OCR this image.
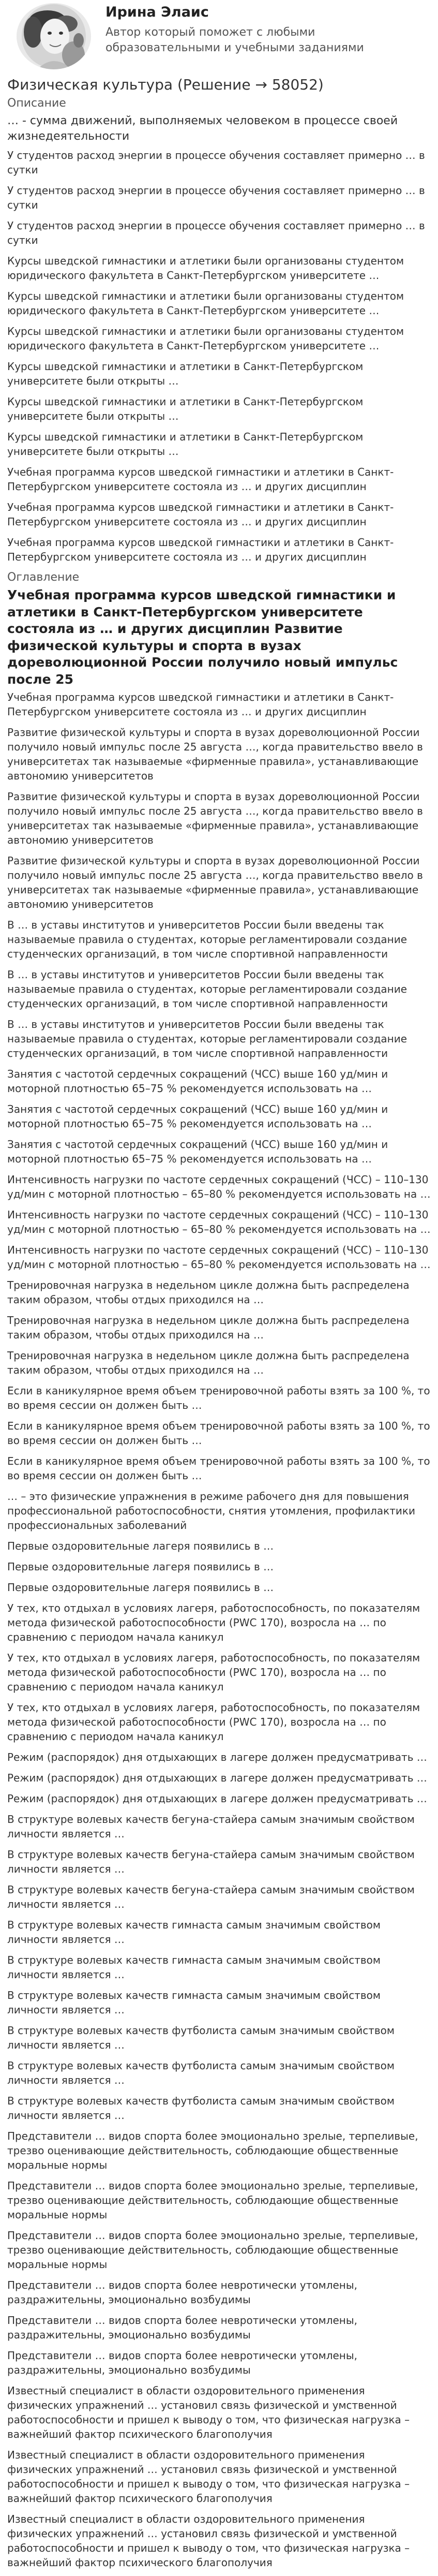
Ирина Элаис
Автор который поможет с любыми образовательными и учебными заданиями
Физическая культура (Решение → 58052)
Описание
… - сумма движений, выполняемых человеком в процессе своей жизнедеятельности
У студентов расход энергии в процессе обучения составляет примерно … в сутки
У студентов расход энергии в процессе обучения составляет примерно … в сутки
У студентов расход энергии в процессе обучения составляет примерно … в сутки
Курсы шведской гимнастики и атлетики были организованы студентом юридического факультета в Санкт-Петербургском университете …
Курсы шведской гимнастики и атлетики были организованы студентом юридического факультета в Санкт-Петербургском университете …
Курсы шведской гимнастики и атлетики были организованы студентом юридического факультета в Санкт-Петербургском университете …
Курсы шведской гимнастики и атлетики в Санкт-Петербургском университете были открыты …
Курсы шведской гимнастики и атлетики в Санкт-Петербургском университете были открыты …
Курсы шведской гимнастики и атлетики в Санкт-Петербургском университете были открыты …
Учебная программа курсов шведской гимнастики и атлетики в Санкт-Петербургском университете состояла из … и других дисциплин
Учебная программа курсов шведской гимнастики и атлетики в Санкт-Петербургском университете состояла из … и других дисциплин
Учебная программа курсов шведской гимнастики и атлетики в Санкт-Петербургском университете состояла из … и других дисциплин
Оглавление
Учебная программа курсов шведской гимнастики и атлетики в Санкт-Петербургском университете состояла из … и других дисциплин Развитие физической культуры и спорта в вузах дореволюционной России получило новый импульс после 25
Учебная программа курсов шведской гимнастики и атлетики в Санкт-Петербургском университете состояла из … и других дисциплин
Развитие физической культуры и спорта в вузах дореволюционной России получило новый импульс после 25 августа …, когда правительство ввело в университетах так называемые «фирменные правила», устанавливающие автономию университетов
Развитие физической культуры и спорта в вузах дореволюционной России получило новый импульс после 25 августа …, когда правительство ввело в университетах так называемые «фирменные правила», устанавливающие автономию университетов
Развитие физической культуры и спорта в вузах дореволюционной России получило новый импульс после 25 августа …, когда правительство ввело в университетах так называемые «фирменные правила», устанавливающие автономию университетов
В … в уставы институтов и университетов России были введены так называемые правила о студентах, которые регламентировали создание студенческих организаций, в том числе спортивной направленности
В … в уставы институтов и университетов России были введены так называемые правила о студентах, которые регламентировали создание студенческих организаций, в том числе спортивной направленности
В … в уставы институтов и университетов России были введены так называемые правила о студентах, которые регламентировали создание студенческих организаций, в том числе спортивной направленности
Занятия с частотой сердечных сокращений (ЧСС) выше 160 уд/мин и моторной плотностью 65–75 % рекомендуется использовать на …
Занятия с частотой сердечных сокращений (ЧСС) выше 160 уд/мин и моторной плотностью 65–75 % рекомендуется использовать на …
Занятия с частотой сердечных сокращений (ЧСС) выше 160 уд/мин и моторной плотностью 65–75 % рекомендуется использовать на …
Интенсивность нагрузки по частоте сердечных сокращений (ЧСС) – 110–130 уд/мин с моторной плотностью – 65–80 % рекомендуется использовать на …
Интенсивность нагрузки по частоте сердечных сокращений (ЧСС) – 110–130 уд/мин с моторной плотностью – 65–80 % рекомендуется использовать на …
Интенсивность нагрузки по частоте сердечных сокращений (ЧСС) – 110–130 уд/мин с моторной плотностью – 65–80 % рекомендуется использовать на …
Тренировочная нагрузка в недельном цикле должна быть распределена таким образом, чтобы отдых приходился на …
Тренировочная нагрузка в недельном цикле должна быть распределена таким образом, чтобы отдых приходился на …
Тренировочная нагрузка в недельном цикле должна быть распределена таким образом, чтобы отдых приходился на …
Если в каникулярное время объем тренировочной работы взять за 100 %, то во время сессии он должен быть …
Если в каникулярное время объем тренировочной работы взять за 100 %, то во время сессии он должен быть …
Если в каникулярное время объем тренировочной работы взять за 100 %, то во время сессии он должен быть …
… – это физические упражнения в режиме рабочего дня для повышения профессиональной работоспособности, снятия утомления, профилактики профессиональных заболеваний
Первые оздоровительные лагеря появились в …
Первые оздоровительные лагеря появились в …
Первые оздоровительные лагеря появились в …
У тех, кто отдыхал в условиях лагеря, работоспособность, по показателям метода физической работоспособности (PWC 170), возросла на … по сравнению с периодом начала каникул
У тех, кто отдыхал в условиях лагеря, работоспособность, по показателям метода физической работоспособности (PWC 170), возросла на … по сравнению с периодом начала каникул
У тех, кто отдыхал в условиях лагеря, работоспособность, по показателям метода физической работоспособности (PWC 170), возросла на … по сравнению с периодом начала каникул
Режим (распорядок) дня отдыхающих в лагере должен предусматривать …
Режим (распорядок) дня отдыхающих в лагере должен предусматривать …
Режим (распорядок) дня отдыхающих в лагере должен предусматривать …
В структуре волевых качеств бегуна-стайера самым значимым свойством личности является …
В структуре волевых качеств бегуна-стайера самым значимым свойством личности является …
В структуре волевых качеств бегуна-стайера самым значимым свойством личности является …
В структуре волевых качеств гимнаста самым значимым свойством личности является …
В структуре волевых качеств гимнаста самым значимым свойством личности является …
В структуре волевых качеств гимнаста самым значимым свойством личности является …
В структуре волевых качеств футболиста самым значимым свойством личности является …
В структуре волевых качеств футболиста самым значимым свойством личности является …
В структуре волевых качеств футболиста самым значимым свойством личности является …
Представители … видов спорта более эмоционально зрелые, терпеливые, трезво оценивающие действительность, соблюдающие общественные моральные нормы
Представители … видов спорта более эмоционально зрелые, терпеливые, трезво оценивающие действительность, соблюдающие общественные моральные нормы
Представители … видов спорта более эмоционально зрелые, терпеливые, трезво оценивающие действительность, соблюдающие общественные моральные нормы
Представители … видов спорта более невротически утомлены, раздражительны, эмоционально возбудимы
Представители … видов спорта более невротически утомлены, раздражительны, эмоционально возбудимы
Представители … видов спорта более невротически утомлены, раздражительны, эмоционально возбудимы
Известный специалист в области оздоровительного применения физических упражнений … установил связь физической и умственной работоспособности и пришел к выводу о том, что физическая нагрузка – важнейший фактор психического благополучия
Известный специалист в области оздоровительного применения физических упражнений … установил связь физической и умственной работоспособности и пришел к выводу о том, что физическая нагрузка – важнейший фактор психического благополучия
Известный специалист в области оздоровительного применения физических упражнений … установил связь физической и умственной работоспособности и пришел к выводу о том, что физическая нагрузка – важнейший фактор психического благополучия
